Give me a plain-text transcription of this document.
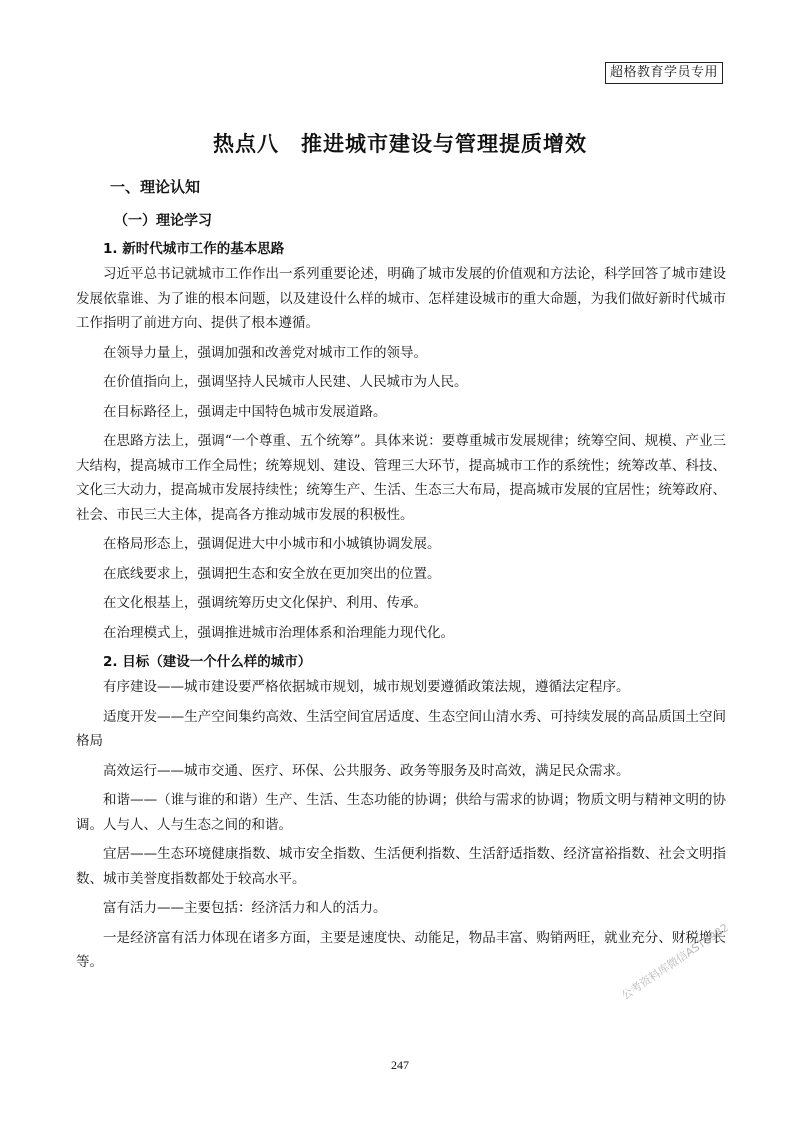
超格教育学员专用
热点八　推进城市建设与管理提质增效
一、理论认知
（一）理论学习
1. 新时代城市工作的基本思路

习近平总书记就城市工作作出一系列重要论述，明确了城市发展的价值观和方法论，科学回答了城市建设发展依靠谁、为了谁的根本问题，以及建设什么样的城市、怎样建设城市的重大命题，为我们做好新时代城市工作指明了前进方向、提供了根本遵循。

在领导力量上，强调加强和改善党对城市工作的领导。

在价值指向上，强调坚持人民城市人民建、人民城市为人民。

在目标路径上，强调走中国特色城市发展道路。

在思路方法上，强调“一个尊重、五个统筹”。具体来说：要尊重城市发展规律；统筹空间、规模、产业三大结构，提高城市工作全局性；统筹规划、建设、管理三大环节，提高城市工作的系统性；统筹改革、科技、文化三大动力，提高城市发展持续性；统筹生产、生活、生态三大布局，提高城市发展的宜居性；统筹政府、社会、市民三大主体，提高各方推动城市发展的积极性。

在格局形态上，强调促进大中小城市和小城镇协调发展。

在底线要求上，强调把生态和安全放在更加突出的位置。

在文化根基上，强调统筹历史文化保护、利用、传承。

在治理模式上，强调推进城市治理体系和治理能力现代化。

2. 目标（建设一个什么样的城市）

有序建设——城市建设要严格依据城市规划，城市规划要遵循政策法规，遵循法定程序。

适度开发——生产空间集约高效、生活空间宜居适度、生态空间山清水秀、可持续发展的高品质国土空间格局

高效运行——城市交通、医疗、环保、公共服务、政务等服务及时高效，满足民众需求。

和谐——（谁与谁的和谐）生产、生活、生态功能的协调；供给与需求的协调；物质文明与精神文明的协调。人与人、人与生态之间的和谐。

宜居——生态环境健康指数、城市安全指数、生活便利指数、生活舒适指数、经济富裕指数、社会文明指数、城市美誉度指数都处于较高水平。

富有活力——主要包括：经济活力和人的活力。

一是经济富有活力体现在诸多方面，主要是速度快、动能足，物品丰富、购销两旺，就业充分、财税增长等。	公考资料库微信AST3982
247
